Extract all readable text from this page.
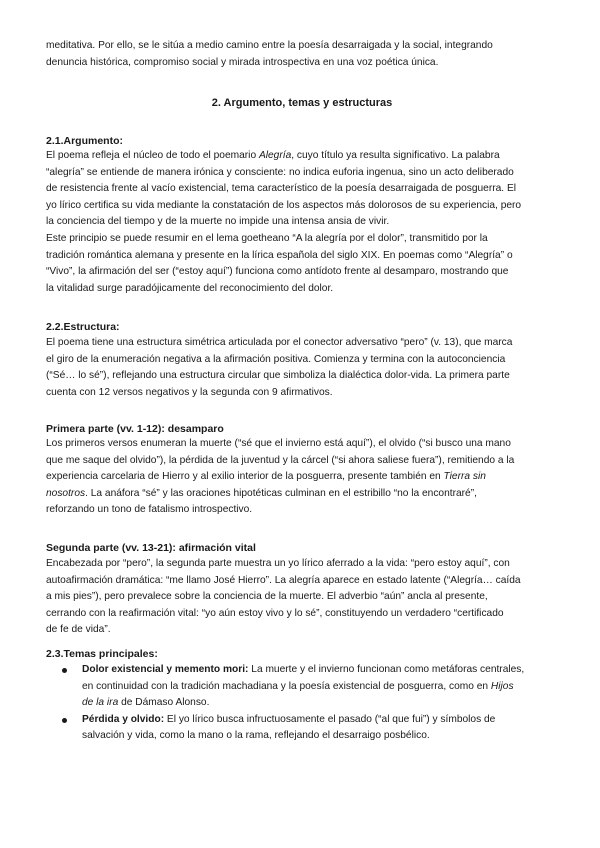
meditativa. Por ello, se le sitúa a medio camino entre la poesía desarraigada y la social, integrando
denuncia histórica, compromiso social y mirada introspectiva en una voz poética única.

2. Argumento, temas y estructuras
2.1.Argumento:

El poema refleja el núcleo de todo el poemario Alegría, cuyo título ya resulta significativo. La palabra
“alegría” se entiende de manera irónica y consciente: no indica euforia ingenua, sino un acto deliberado
de resistencia frente al vacío existencial, tema característico de la poesía desarraigada de posguerra. El
yo lírico certifica su vida mediante la constatación de los aspectos más dolorosos de su experiencia, pero
la conciencia del tiempo y de la muerte no impide una intensa ansia de vivir.

Este principio se puede resumir en el lema goetheano “A la alegría por el dolor”, transmitido por la
tradición romántica alemana y presente en la lírica española del siglo XIX. En poemas como “Alegría” o
“Vivo”, la afirmación del ser (“estoy aquí”) funciona como antídoto frente al desamparo, mostrando que
la vitalidad surge paradójicamente del reconocimiento del dolor.

2.2.Estructura:

El poema tiene una estructura simétrica articulada por el conector adversativo “pero” (v. 13), que marca
el giro de la enumeración negativa a la afirmación positiva. Comienza y termina con la autoconciencia
(“Sé… lo sé”), reflejando una estructura circular que simboliza la dialéctica dolor-vida. La primera parte
cuenta con 12 versos negativos y la segunda con 9 afirmativos.

Primera parte (vv. 1-12): desamparo

Los primeros versos enumeran la muerte (“sé que el invierno está aquí”), el olvido (“si busco una mano
que me saque del olvido”), la pérdida de la juventud y la cárcel (“si ahora saliese fuera”), remitiendo a la
experiencia carcelaria de Hierro y al exilio interior de la posguerra, presente también en Tierra sin
nosotros. La anáfora “sé” y las oraciones hipotéticas culminan en el estribillo “no la encontraré”,
reforzando un tono de fatalismo introspectivo.

Segunda parte (vv. 13-21): afirmación vital

Encabezada por “pero”, la segunda parte muestra un yo lírico aferrado a la vida: “pero estoy aquí”, con
autoafirmación dramática: “me llamo José Hierro”. La alegría aparece en estado latente (“Alegría… caída
a mis pies”), pero prevalece sobre la conciencia de la muerte. El adverbio “aún” ancla al presente,
cerrando con la reafirmación vital: “yo aún estoy vivo y lo sé”, constituyendo un verdadero “certificado
de fe de vida”.

2.3.Temas principales:
Dolor existencial y memento mori: La muerte y el invierno funcionan como metáforas centrales,
en continuidad con la tradición machadiana y la poesía existencial de posguerra, como en Hijos
de la ira de Dámaso Alonso.
Pérdida y olvido: El yo lírico busca infructuosamente el pasado (“al que fui”) y símbolos de
salvación y vida, como la mano o la rama, reflejando el desarraigo posbélico.
